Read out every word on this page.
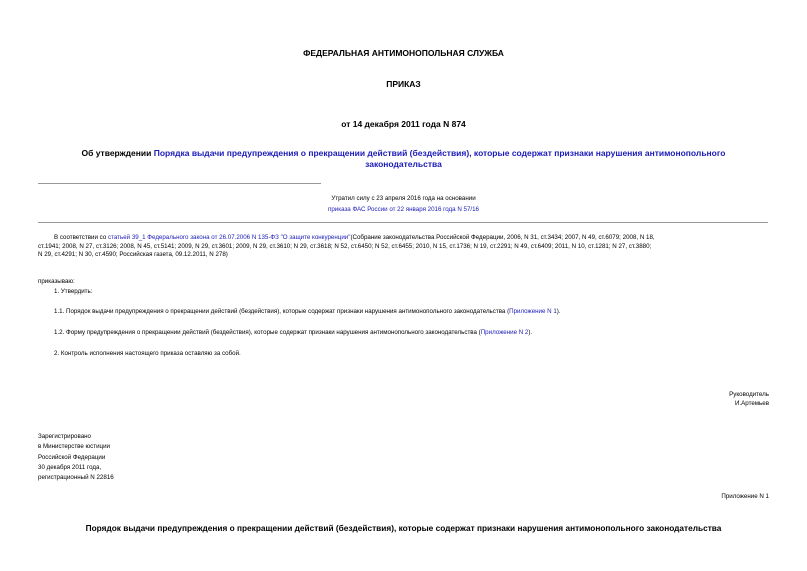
ФЕДЕРАЛЬНАЯ АНТИМОНОПОЛЬНАЯ СЛУЖБА
ПРИКАЗ
от 14 декабря 2011 года N 874
Об утверждении Порядка выдачи предупреждения о прекращении действий (бездействия), которые содержат признаки нарушения антимонопольного
законодательства
Утратил силу с 23 апреля 2016 года на основании
приказа ФАС России от 22 января 2016 года N 57/16
В соответствии со статьей 39_1 Федерального закона от 26.07.2006 N 135-ФЗ "О защите конкуренции"(Собрание законодательства Российской Федерации, 2006, N 31, ст.3434; 2007, N 49, ст.6079; 2008, N 18,
ст.1941; 2008, N 27, ст.3126; 2008, N 45, ст.5141; 2009, N 29, ст.3601; 2009, N 29, ст.3610; N 29, ст.3618; N 52, ст.6450; N 52, ст.6455; 2010, N 15, ст.1736; N 19, ст.2291; N 49, ст.6409; 2011, N 10, ст.1281; N 27, ст.3880;
N 29, ст.4291; N 30, ст.4590; Российская газета, 09.12.2011, N 278)
приказываю:
1. Утвердить:
1.1. Порядок выдачи предупреждения о прекращении действий (бездействия), которые содержат признаки нарушения антимонопольного законодательства (Приложение N 1).
1.2. Форму предупреждения о прекращении действий (бездействия), которые содержат признаки нарушения антимонопольного законодательства (Приложение N 2).
2. Контроль исполнения настоящего приказа оставляю за собой.
Руководитель
И.Артемьев
Зарегистрировано
в Министерстве юстиции
Российской Федерации
30 декабря 2011 года,
регистрационный N 22816
Приложение N 1
Порядок выдачи предупреждения о прекращении действий (бездействия), которые содержат признаки нарушения антимонопольного законодательства
